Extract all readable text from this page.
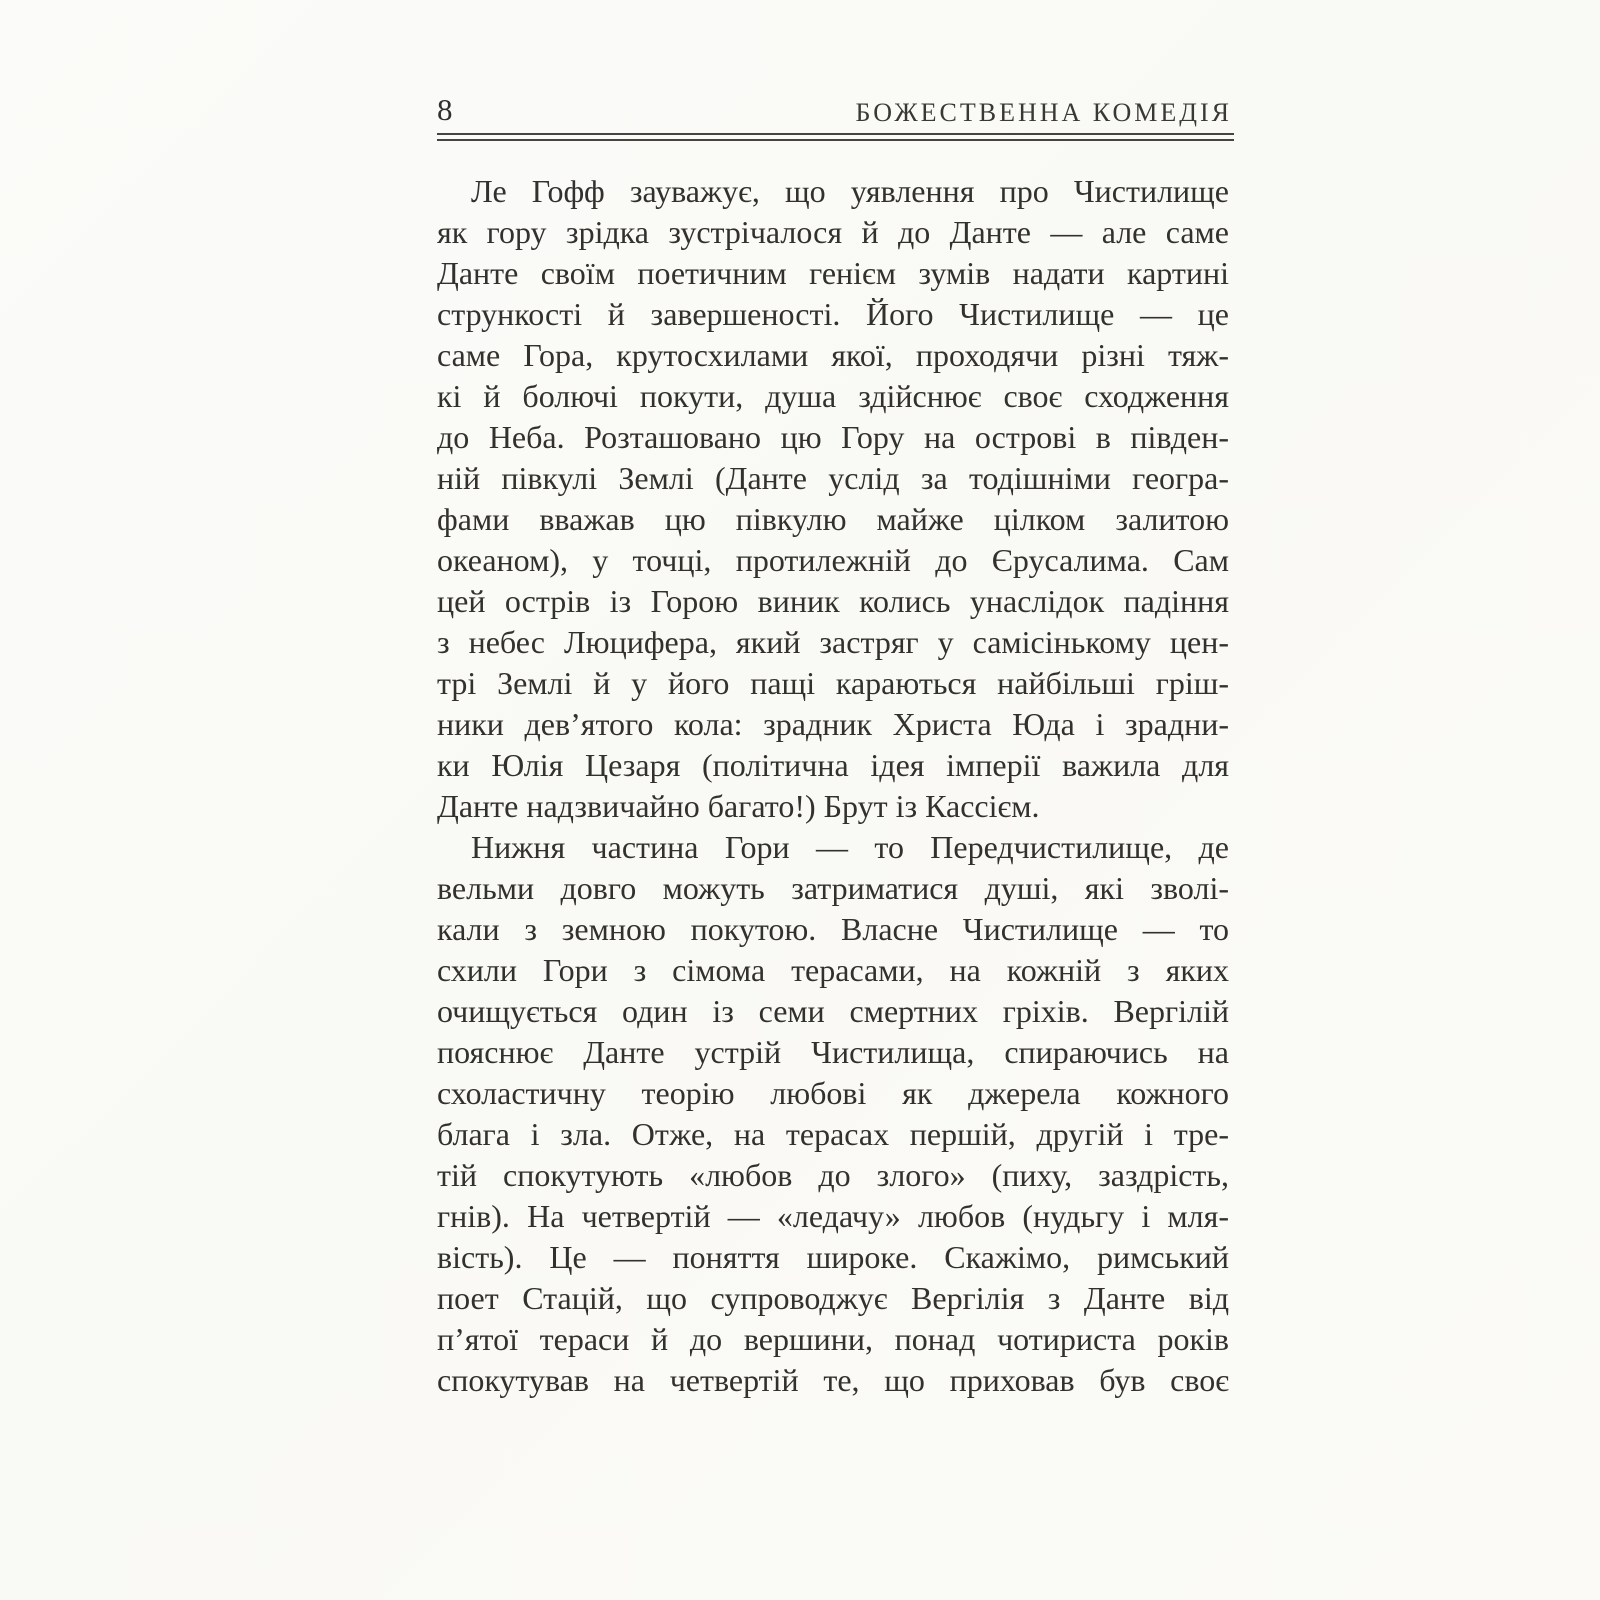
8	БОЖЕСТВЕННА КОМЕДІЯ
Ле Гофф зауважує, що уявлення про Чистилище
як гору зрідка зустрічалося й до Данте — але саме
Данте своїм поетичним генієм зумів надати картині
стрункості й завершеності. Його Чистилище — це
саме Гора, крутосхилами якої, проходячи різні тяж-
кі й болючі покути, душа здійснює своє сходження
до Неба. Розташовано цю Гору на острові в півден-
ній півкулі Землі (Данте услід за тодішніми геогра-
фами вважав цю півкулю майже цілком залитою
океаном), у точці, протилежній до Єрусалима. Сам
цей острів із Горою виник колись унаслідок падіння
з небес Люцифера, який застряг у самісінькому цен-
трі Землі й у його пащі караються найбільші гріш-
ники дев’ятого кола: зрадник Христа Юда і зрадни-
ки Юлія Цезаря (політична ідея імперії важила для
Данте надзвичайно багато!) Брут із Кассієм.
Нижня частина Гори — то Передчистилище, де
вельми довго можуть затриматися душі, які зволі-
кали з земною покутою. Власне Чистилище — то
схили Гори з сімома терасами, на кожній з яких
очищується один із семи смертних гріхів. Вергілій
пояснює Данте устрій Чистилища, спираючись на
схоластичну теорію любові як джерела кожного
блага і зла. Отже, на терасах першій, другій і тре-
тій спокутують «любов до злого» (пиху, заздрість,
гнів). На четвертій — «ледачу» любов (нудьгу і мля-
вість). Це — поняття широке. Скажімо, римський
поет Стацій, що супроводжує Вергілія з Данте від
п’ятої тераси й до вершини, понад чотириста років
спокутував на четвертій те, що приховав був своє
